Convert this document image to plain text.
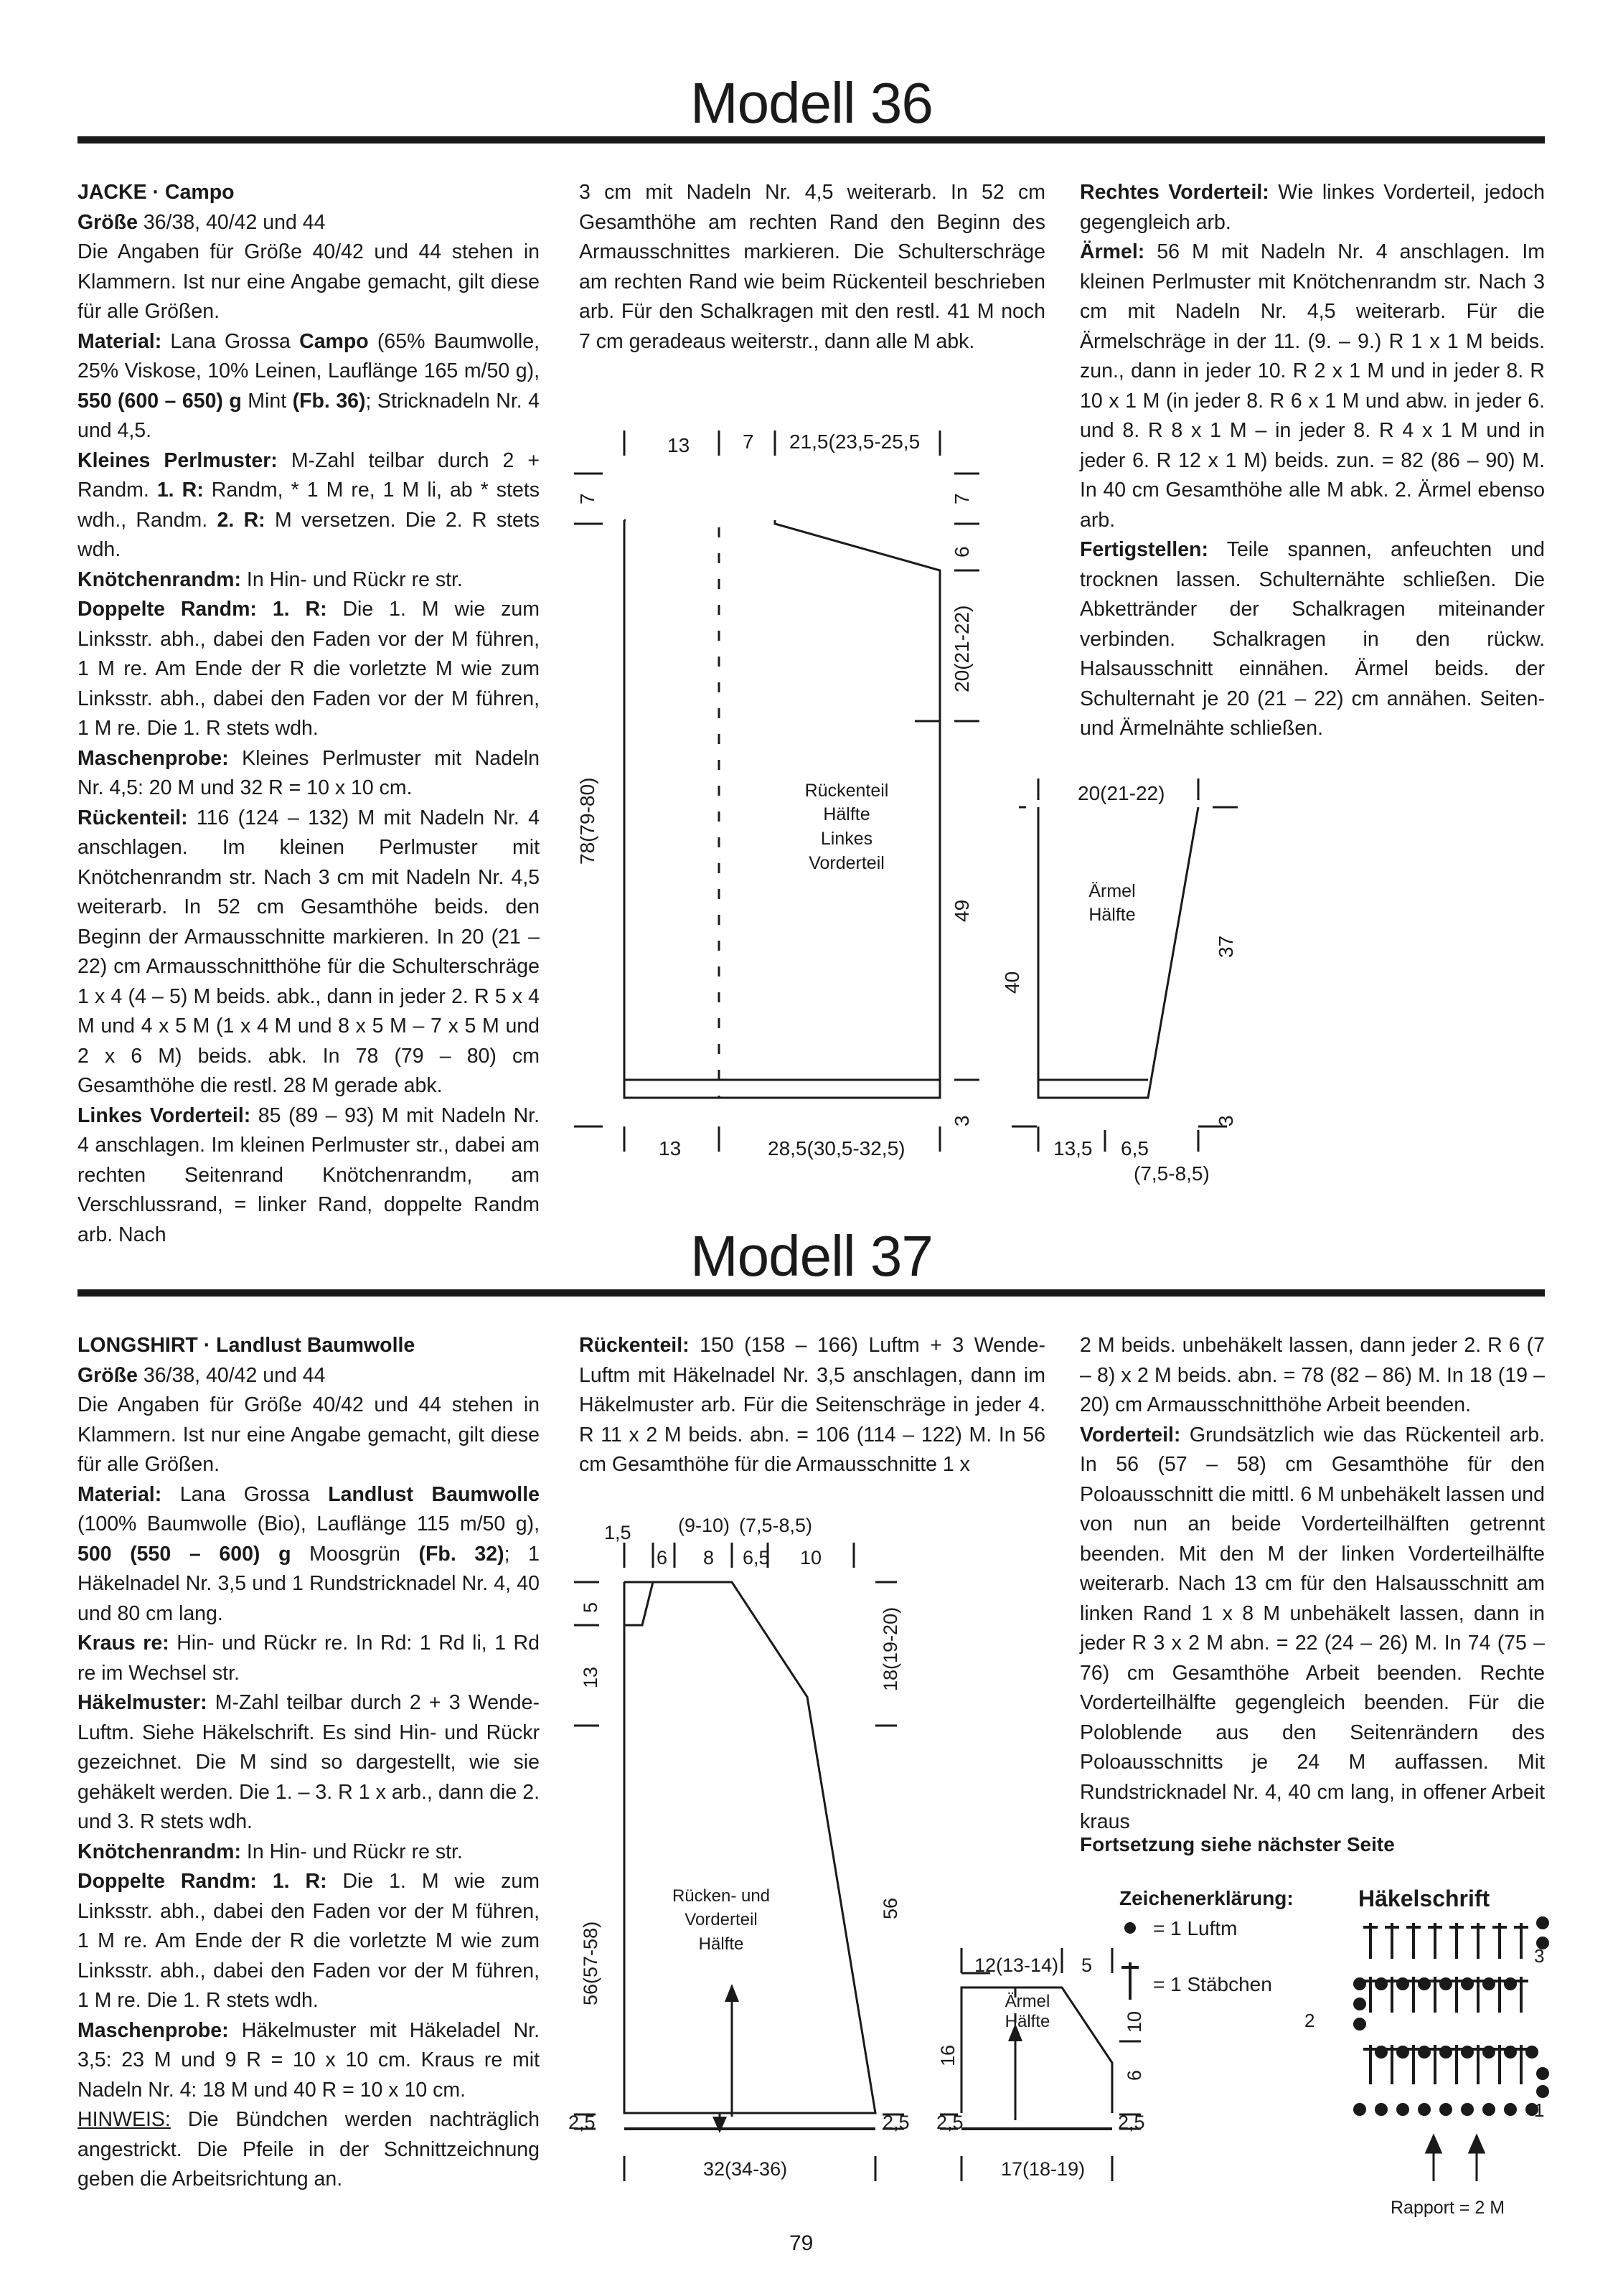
Modell 36

JACKE · Campo

Größe 36/38, 40/42 und 44

Die Angaben für Größe 40/42 und 44 stehen in Klammern. Ist nur eine Angabe gemacht, gilt diese für alle Größen.

Material: Lana Grossa Campo (65% Baumwolle, 25% Viskose, 10% Leinen, Lauflänge 165 m/50 g), 550 (600 – 650) g Mint (Fb. 36); Stricknadeln Nr. 4 und 4,5.

Kleines Perlmuster: M-Zahl teilbar durch 2 + Randm. 1. R: Randm, * 1 M re, 1 M li, ab * stets wdh., Randm. 2. R: M versetzen. Die 2. R stets wdh.

Knötchenrandm: In Hin- und Rückr re str.

Doppelte Randm: 1. R: Die 1. M wie zum Linksstr. abh., dabei den Faden vor der M führen, 1 M re. Am Ende der R die vorletzte M wie zum Linksstr. abh., dabei den Faden vor der M führen, 1 M re. Die 1. R stets wdh.

Maschenprobe: Kleines Perlmuster mit Nadeln Nr. 4,5: 20 M und 32 R = 10 x 10 cm.

Rückenteil: 116 (124 – 132) M mit Nadeln Nr. 4 anschlagen. Im kleinen Perlmuster mit Knötchenrandm str. Nach 3 cm mit Nadeln Nr. 4,5 weiterarb. In 52 cm Gesamthöhe beids. den Beginn der Armausschnitte markieren. In 20 (21 – 22) cm Armausschnitthöhe für die Schulterschräge 1 x 4 (4 – 5) M beids. abk., dann in jeder 2. R 5 x 4 M und 4 x 5 M (1 x 4 M und 8 x 5 M – 7 x 5 M und 2 x 6 M) beids. abk. In 78 (79 – 80) cm Gesamthöhe die restl. 28 M gerade abk.

Linkes Vorderteil: 85 (89 – 93) M mit Nadeln Nr. 4 anschlagen. Im kleinen Perlmuster str., dabei am rechten Seitenrand Knötchenrandm, am Verschlussrand, = linker Rand, doppelte Randm arb. Nach

3 cm mit Nadeln Nr. 4,5 weiterarb. In 52 cm Gesamthöhe am rechten Rand den Beginn des Armausschnittes markieren. Die Schulterschräge am rechten Rand wie beim Rückenteil beschrieben arb. Für den Schalkragen mit den restl. 41 M noch 7 cm geradeaus weiterstr., dann alle M abk.

Rechtes Vorderteil: Wie linkes Vorderteil, jedoch gegengleich arb.

Ärmel: 56 M mit Nadeln Nr. 4 anschlagen. Im kleinen Perlmuster mit Knötchenrandm str. Nach 3 cm mit Nadeln Nr. 4,5 weiterarb. Für die Ärmelschräge in der 11. (9. – 9.) R 1 x 1 M beids. zun., dann in jeder 10. R 2 x 1 M und in jeder 8. R 10 x 1 M (in jeder 8. R 6 x 1 M und abw. in jeder 6. und 8. R 8 x 1 M – in jeder 8. R 4 x 1 M und in jeder 6. R 12 x 1 M) beids. zun. = 82 (86 – 90) M. In 40 cm Gesamthöhe alle M abk. 2. Ärmel ebenso arb.

Fertigstellen: Teile spannen, anfeuchten und trocknen lassen. Schulternähte schließen. Die Abkettränder der Schalkragen miteinander verbinden. Schalkragen in den rückw. Halsausschnitt einnähen. Ärmel beids. der Schulternaht je 20 (21 – 22) cm annähen. Seiten- und Ärmelnähte schließen.

13	7 21,5(23,5-25,5
7
78(79-80)
7
6
20(21-22)
49
3
13	28,5(30,5-32,5)
Rückenteil
Hälfte
Linkes
Vorderteil
Ärmel
Hälfte
20(21-22)
40
37
3
13,5 6,5
(7,5-8,5)
Modell 37

LONGSHIRT · Landlust Baumwolle

Größe 36/38, 40/42 und 44

Die Angaben für Größe 40/42 und 44 stehen in Klammern. Ist nur eine Angabe gemacht, gilt diese für alle Größen.

Material: Lana Grossa Landlust Baumwolle (100% Baumwolle (Bio), Lauflänge 115 m/50 g), 500 (550 – 600) g Moosgrün (Fb. 32); 1 Häkelnadel Nr. 3,5 und 1 Rundstricknadel Nr. 4, 40 und 80 cm lang.

Kraus re: Hin- und Rückr re. In Rd: 1 Rd li, 1 Rd re im Wechsel str.

Häkelmuster: M-Zahl teilbar durch 2 + 3 Wende-Luftm. Siehe Häkelschrift. Es sind Hin- und Rückr gezeichnet. Die M sind so dargestellt, wie sie gehäkelt werden. Die 1. – 3. R 1 x arb., dann die 2. und 3. R stets wdh.

Knötchenrandm: In Hin- und Rückr re str.

Doppelte Randm: 1. R: Die 1. M wie zum Linksstr. abh., dabei den Faden vor der M führen, 1 M re. Am Ende der R die vorletzte M wie zum Linksstr. abh., dabei den Faden vor der M führen, 1 M re. Die 1. R stets wdh.

Maschenprobe: Häkelmuster mit Häkeladel Nr. 3,5: 23 M und 9 R = 10 x 10 cm. Kraus re mit Nadeln Nr. 4: 18 M und 40 R = 10 x 10 cm.

HINWEIS: Die Bündchen werden nachträglich angestrickt. Die Pfeile in der Schnittzeichnung geben die Arbeitsrichtung an.

Rückenteil: 150 (158 – 166) Luftm + 3 Wende-Luftm mit Häkelnadel Nr. 3,5 anschlagen, dann im Häkelmuster arb. Für die Seitenschräge in jeder 4. R 11 x 2 M beids. abn. = 106 (114 – 122) M. In 56 cm Gesamthöhe für die Armausschnitte 1 x

2 M beids. unbehäkelt lassen, dann jeder 2. R 6 (7 – 8) x 2 M beids. abn. = 78 (82 – 86) M. In 18 (19 – 20) cm Armausschnitthöhe Arbeit beenden.

Vorderteil: Grundsätzlich wie das Rückenteil arb. In 56 (57 – 58) cm Gesamthöhe für den Poloausschnitt die mittl. 6 M unbehäkelt lassen und von nun an beide Vorderteilhälften getrennt beenden. Mit den M der linken Vorderteilhälfte weiterarb. Nach 13 cm für den Halsausschnitt am linken Rand 1 x 8 M unbehäkelt lassen, dann in jeder R 3 x 2 M abn. = 22 (24 – 26) M. In 74 (75 – 76) cm Gesamthöhe Arbeit beenden. Rechte Vorderteilhälfte gegengleich beenden. Für die Poloblende aus den Seitenrändern des Poloausschnitts je 24 M auffassen. Mit Rundstricknadel Nr. 4, 40 cm lang, in offener Arbeit kraus

Fortsetzung siehe nächster Seite
1,5 (9-10) (7,5-8,5)
6 8 6,5 10
5
13
56(57-58)
2,5
18(19-20)
56
2,5
32(34-36)
12(13-14) 5
16
10
6
2,5	2,5
17(18-19)
Rücken- und
Vorderteil
Hälfte
Ärmel
Hälfte
Zeichenerklärung:	Häkelschrift
= 1 Luftm
= 1 Stäbchen
3
2
1
Rapport = 2 M
79
